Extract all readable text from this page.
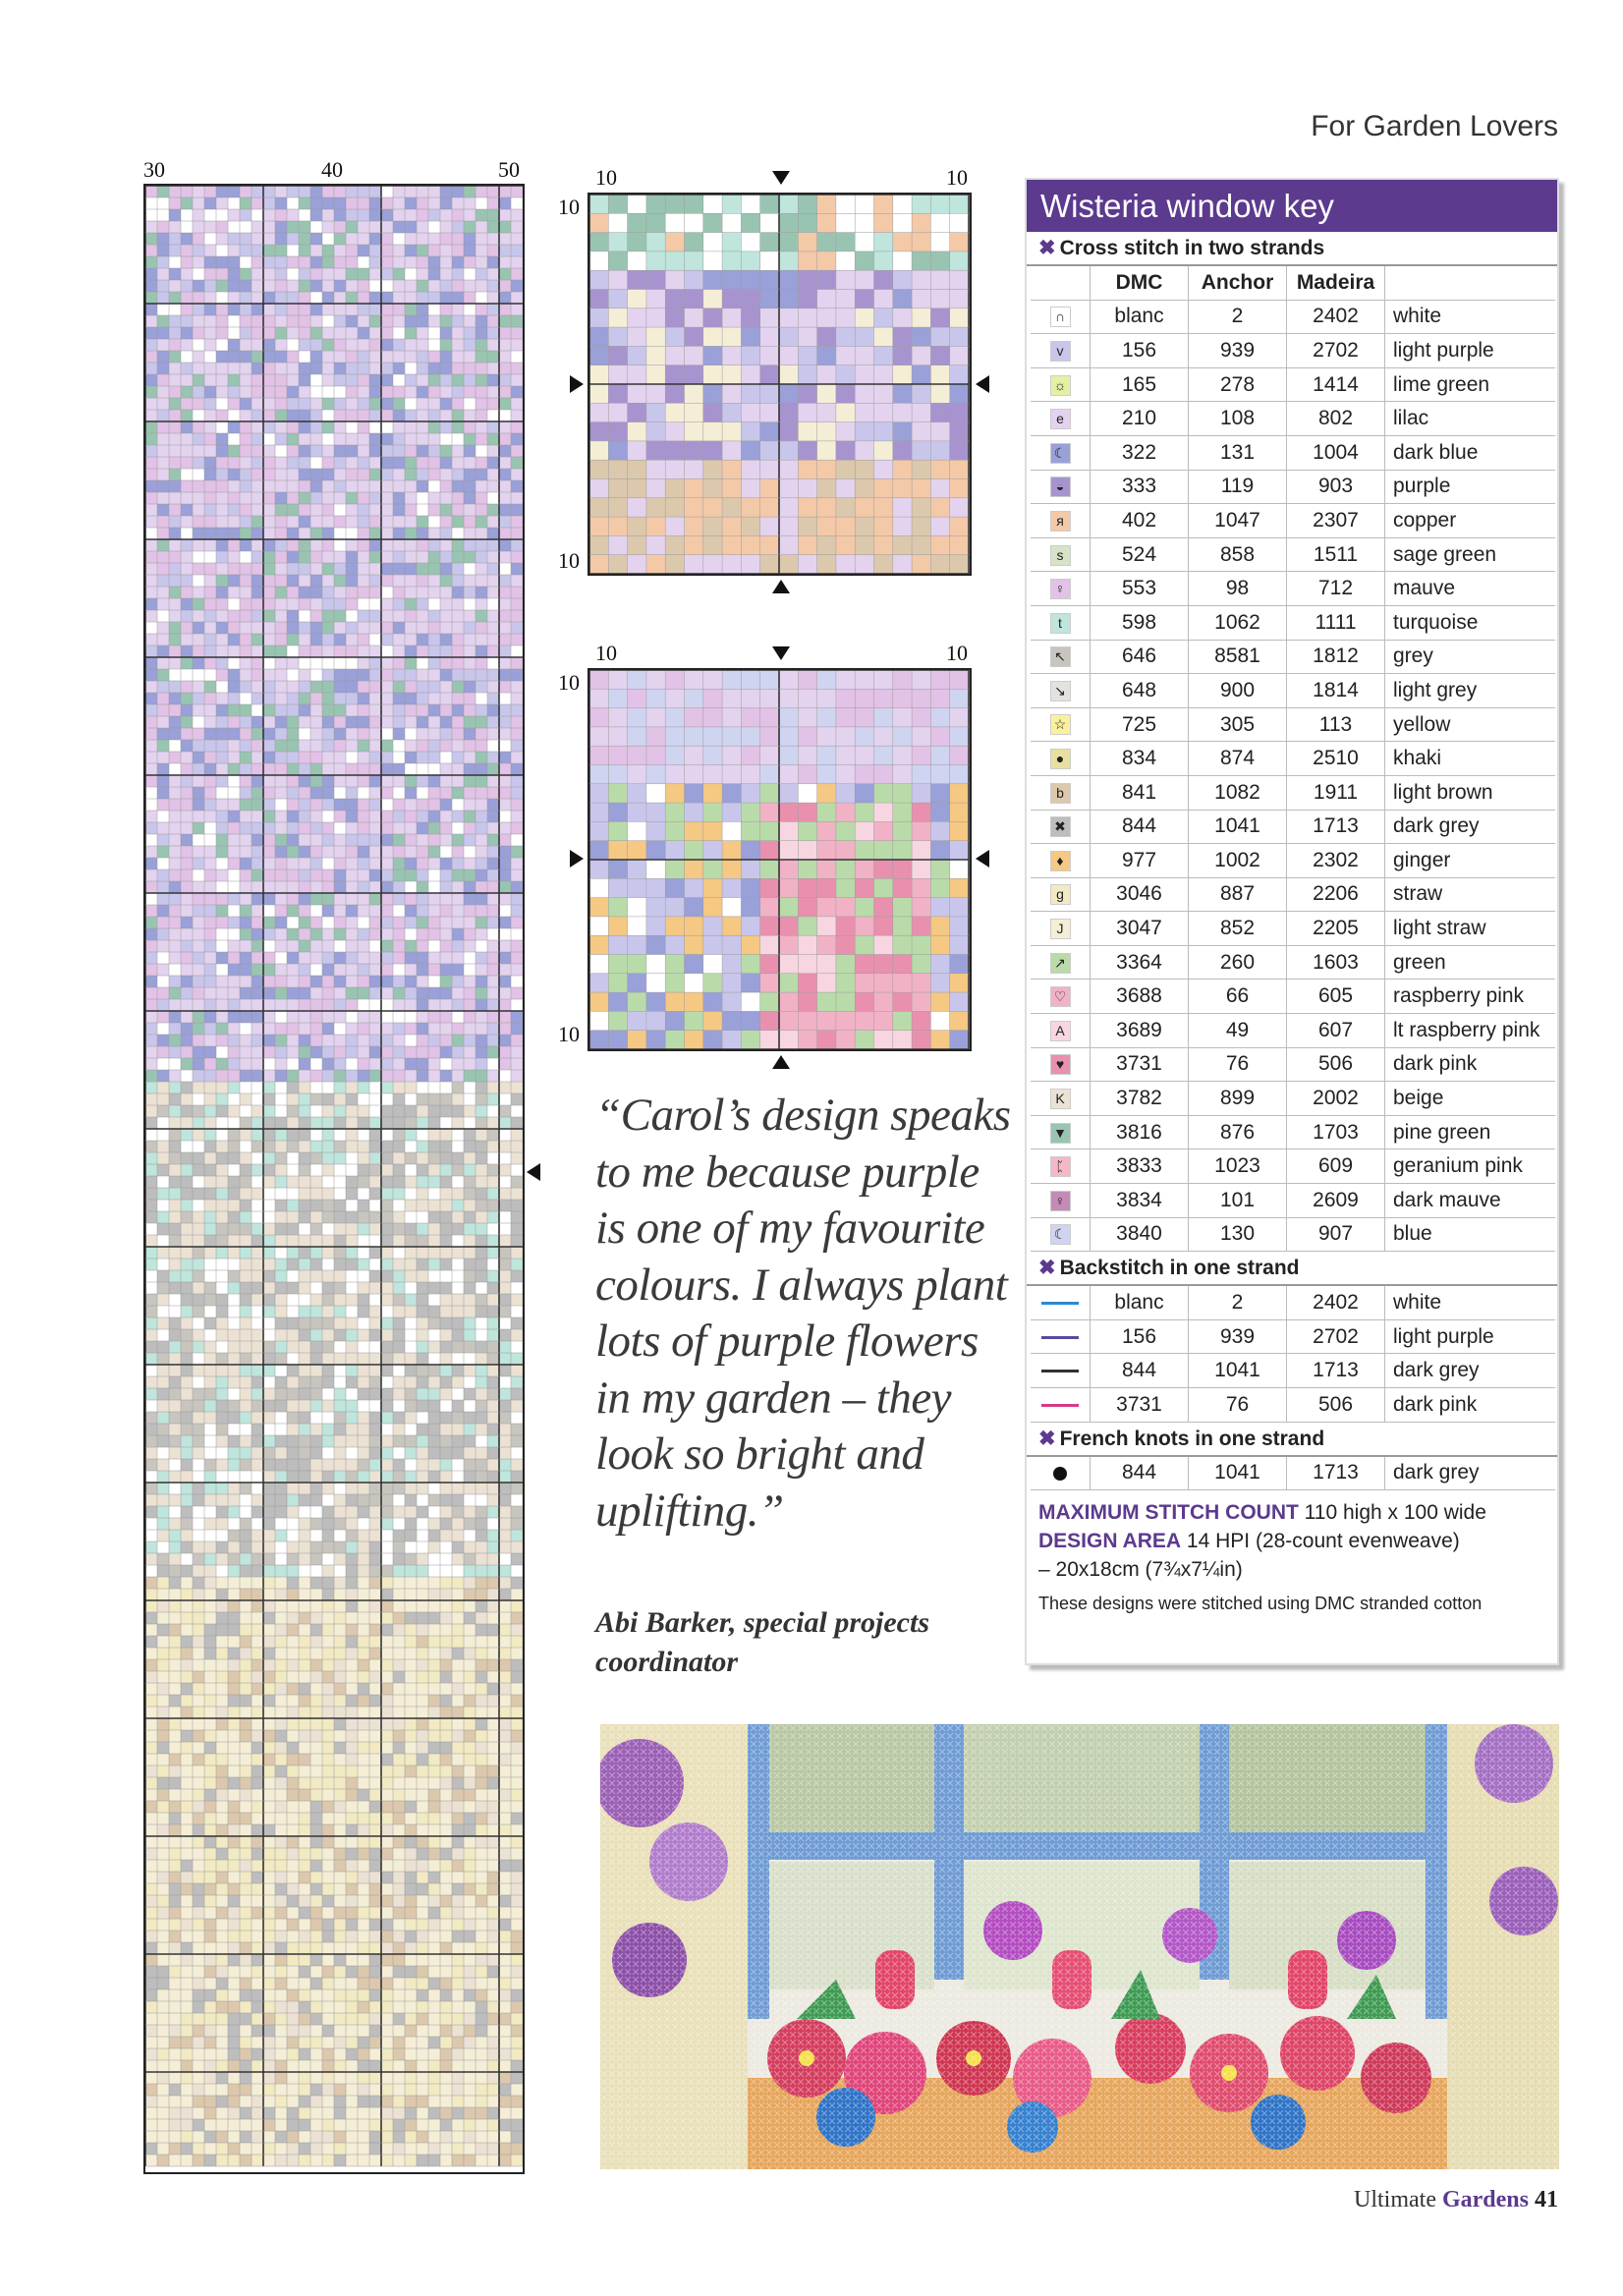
For Garden Lovers
30	40	50	10	10
10
10
10	10
10
10
Wisteria window key
✖ Cross stitch in two strands
	DMC	Anchor	Madeira	
∩	blanc	2	2402	white
v	156	939	2702	light purple
☼	165	278	1414	lime green
e	210	108	802	lilac
☾	322	131	1004	dark blue
◒	333	119	903	purple
я	402	1047	2307	copper
s	524	858	1511	sage green
♀	553	98	712	mauve
t	598	1062	1111	turquoise
↖	646	8581	1812	grey
↘	648	900	1814	light grey
☆	725	305	113	yellow
●	834	874	2510	khaki
b	841	1082	1911	light brown
✖	844	1041	1713	dark grey
♦	977	1002	2302	ginger
g	3046	887	2206	straw
J	3047	852	2205	light straw
↗	3364	260	1603	green
♡	3688	66	605	raspberry pink
A	3689	49	607	lt raspberry pink
♥	3731	76	506	dark pink
K	3782	899	2002	beige
▼	3816	876	1703	pine green
ᛈ	3833	1023	609	geranium pink
♀	3834	101	2609	dark mauve
☾	3840	130	907	blue
✖ Backstitch in one strand
	blanc	2	2402	white
	156	939	2702	light purple
	844	1041	1713	dark grey
	3731	76	506	dark pink
✖ French knots in one strand
	844	1041	1713	dark grey
MAXIMUM STITCH COUNT 110 high x 100 wide
DESIGN AREA 14 HPI (28-count evenweave)
– 20x18cm (7¾x7¼in)
These designs were stitched using DMC stranded cotton
“Carol’s design speaks to me because purple is one of my favourite colours. I always plant lots of purple flowers in my garden – they look so bright and uplifting.”
Abi Barker, special projects coordinator
Ultimate Gardens 41
